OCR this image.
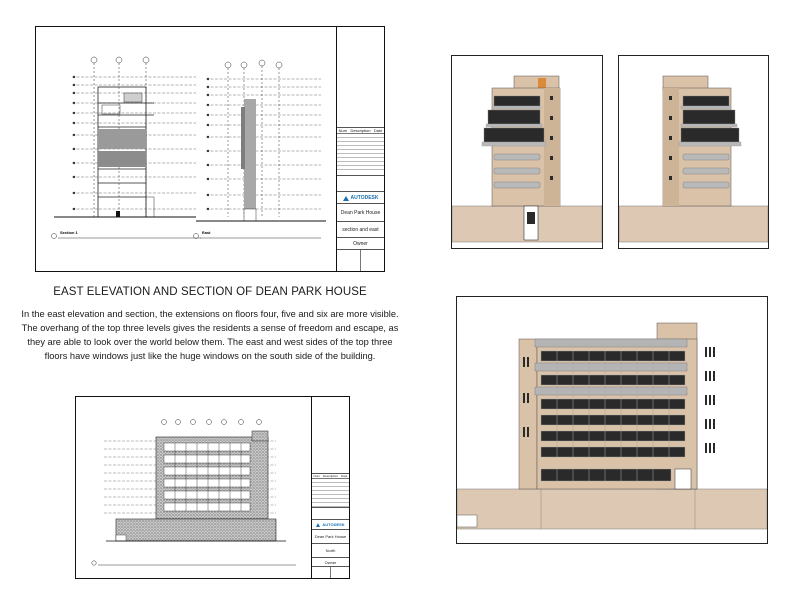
Section 1	East
Num Description Date
AUTODESK
Dean Park House
section and east
Owner
EAST ELEVATION AND SECTION OF DEAN PARK HOUSE
In the east elevation and section, the extensions on floors four, five and six are more visible. The overhang of the top three levels gives the residents a sense of freedom and escape, as they are able to look over the world below them. The east and west sides of the top three floors have windows just like the huge windows on the south side of the building.
Num Description Date
AUTODESK
Dean Park House
North
Owner
